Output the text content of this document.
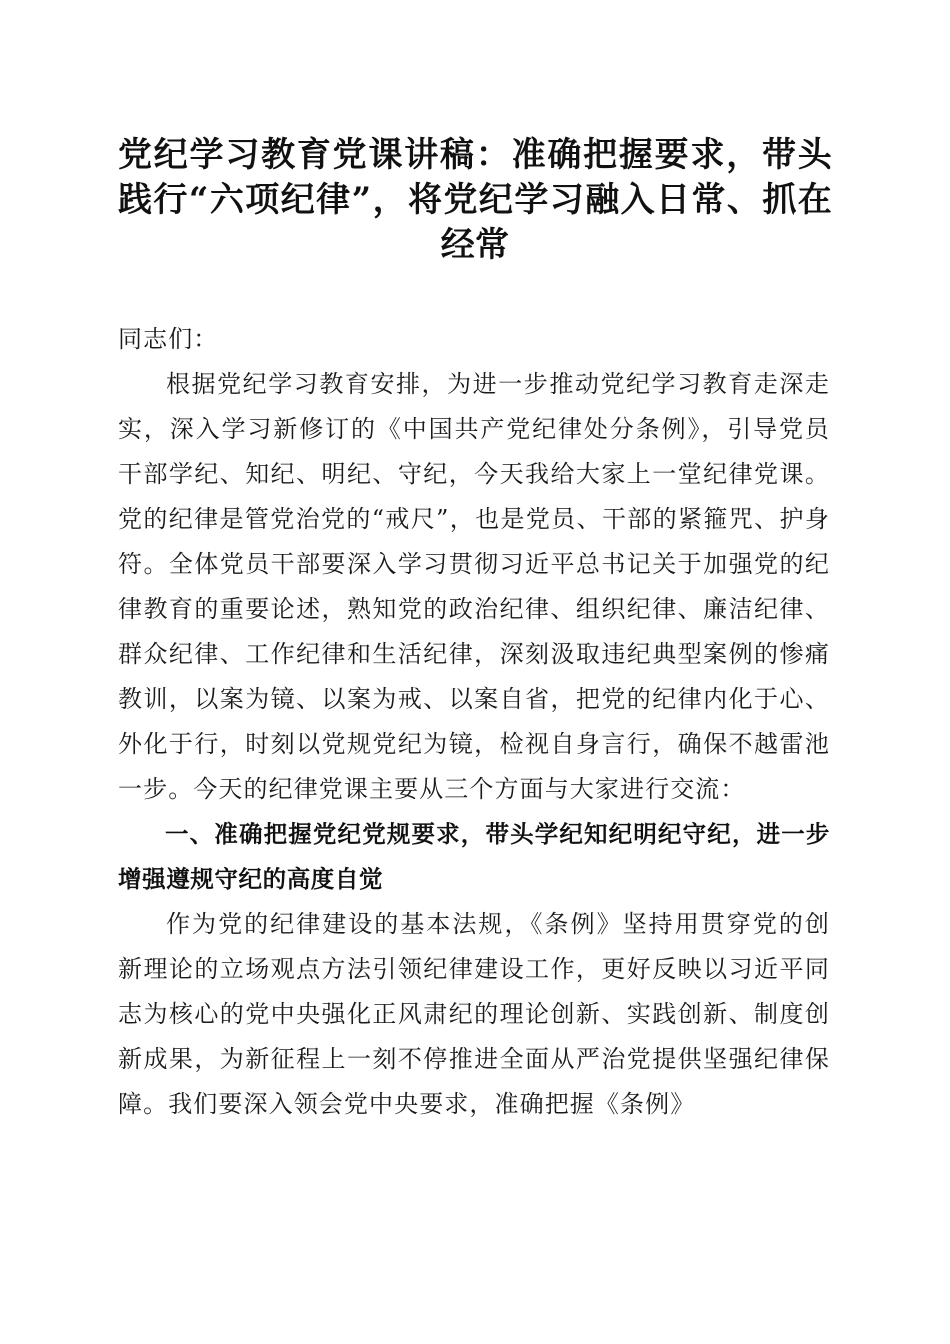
党纪学习教育党课讲稿：准确把握要求，带头践行“六项纪律”，将党纪学习融入日常、抓在经常

同志们：

根据党纪学习教育安排，为进一步推动党纪学习教育走深走实，深入学习新修订的《中国共产党纪律处分条例》，引导党员干部学纪、知纪、明纪、守纪，今天我给大家上一堂纪律党课。党的纪律是管党治党的“戒尺”，也是党员、干部的紧箍咒、护身符。全体党员干部要深入学习贯彻习近平总书记关于加强党的纪律教育的重要论述，熟知党的政治纪律、组织纪律、廉洁纪律、群众纪律、工作纪律和生活纪律，深刻汲取违纪典型案例的惨痛教训，以案为镜、以案为戒、以案自省，把党的纪律内化于心、外化于行，时刻以党规党纪为镜，检视自身言行，确保不越雷池一步。今天的纪律党课主要从三个方面与大家进行交流：

一、准确把握党纪党规要求，带头学纪知纪明纪守纪，进一步增强遵规守纪的高度自觉

作为党的纪律建设的基本法规，《条例》坚持用贯穿党的创新理论的立场观点方法引领纪律建设工作，更好反映以习近平同志为核心的党中央强化正风肃纪的理论创新、实践创新、制度创新成果，为新征程上一刻不停推进全面从严治党提供坚强纪律保障。我们要深入领会党中央要求，准确把握《条例》
